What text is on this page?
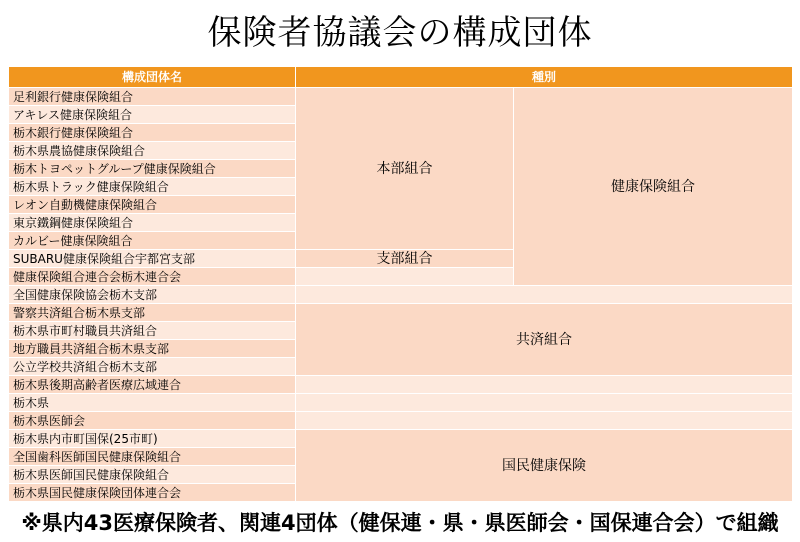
保険者協議会の構成団体
構成団体名	種別	
足利銀行健康保険組合	本部組合	健康保険組合
アキレス健康保険組合		
栃木銀行健康保険組合		
栃木県農協健康保険組合		
栃木トヨペットグループ健康保険組合		
栃木県トラック健康保険組合		
レオン自動機健康保険組合		
東京鐵鋼健康保険組合		
カルビー健康保険組合		
SUBARU健康保険組合宇都宮支部	支部組合	
健康保険組合連合会栃木連合会		
全国健康保険協会栃木支部		
警察共済組合栃木県支部	共済組合	
栃木県市町村職員共済組合		
地方職員共済組合栃木県支部		
公立学校共済組合栃木支部		
栃木県後期高齢者医療広域連合		
栃木県		
栃木県医師会		
栃木県内市町国保(25市町)	国民健康保険	
全国歯科医師国民健康保険組合		
栃木県医師国民健康保険組合		
栃木県国民健康保険団体連合会		
※県内43医療保険者、関連4団体（健保連・県・県医師会・国保連合会）で組織
